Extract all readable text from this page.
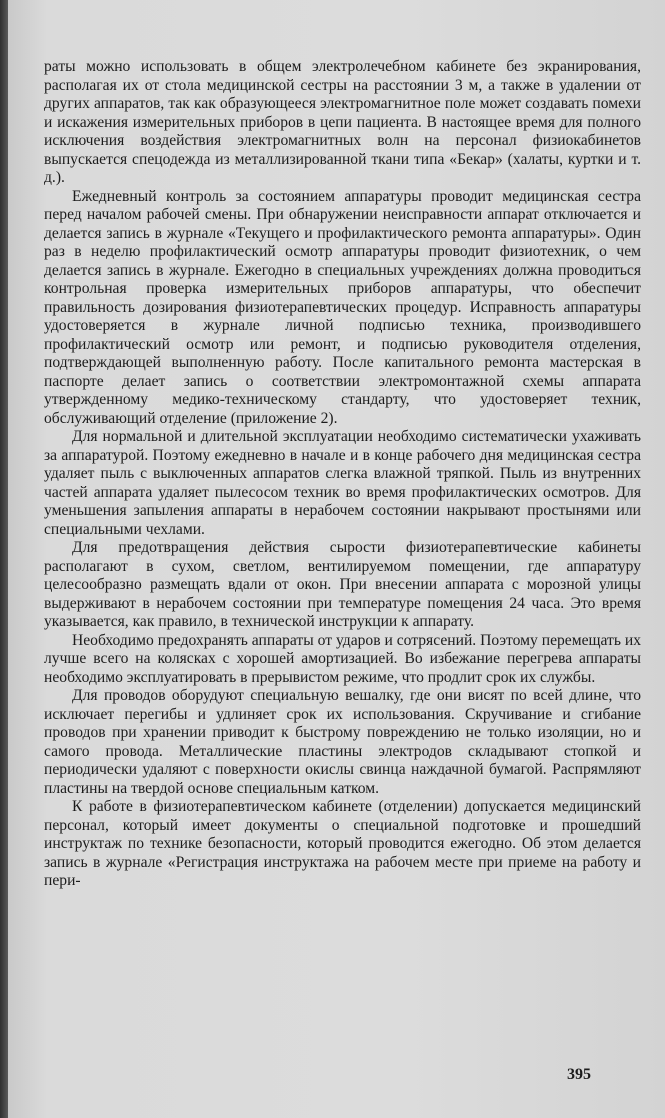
раты можно использовать в общем электролечебном кабинете без экранирования, располагая их от стола медицинской сестры на расстоянии 3 м, а также в удалении от других аппаратов, так как образующееся электромагнитное поле может создавать помехи и искажения измерительных приборов в цепи пациента. В настоящее время для полного исключения воздействия электромагнитных волн на персонал физиокабинетов выпускается спецодежда из металлизированной ткани типа «Бекар» (халаты, куртки и т. д.).

Ежедневный контроль за состоянием аппаратуры проводит медицинская сестра перед началом рабочей смены. При обнаружении неисправности аппарат отключается и делается запись в журнале «Текущего и профилактического ремонта аппаратуры». Один раз в неделю профилактический осмотр аппаратуры проводит физиотехник, о чем делается запись в журнале. Ежегодно в специальных учреждениях должна проводиться контрольная проверка измерительных приборов аппаратуры, что обеспечит правильность дозирования физиотерапевтических процедур. Исправность аппаратуры удостоверяется в журнале личной подписью техника, производившего профилактический осмотр или ремонт, и подписью руководителя отделения, подтверждающей выполненную работу. После капитального ремонта мастерская в паспорте делает запись о соответствии электромонтажной схемы аппарата утвержденному медико-техническому стандарту, что удостоверяет техник, обслуживающий отделение (приложение 2).

Для нормальной и длительной эксплуатации необходимо систематически ухаживать за аппаратурой. Поэтому ежедневно в начале и в конце рабочего дня медицинская сестра удаляет пыль с выключенных аппаратов слегка влажной тряпкой. Пыль из внутренних частей аппарата удаляет пылесосом техник во время профилактических осмотров. Для уменьшения запыления аппараты в нерабочем состоянии накрывают простынями или специальными чехлами.

Для предотвращения действия сырости физиотерапевтические кабинеты располагают в сухом, светлом, вентилируемом помещении, где аппаратуру целесообразно размещать вдали от окон. При внесении аппарата с морозной улицы выдерживают в нерабочем состоянии при температуре помещения 24 часа. Это время указывается, как правило, в технической инструкции к аппарату.

Необходимо предохранять аппараты от ударов и сотрясений. Поэтому перемещать их лучше всего на колясках с хорошей амортизацией. Во избежание перегрева аппараты необходимо эксплуатировать в прерывистом режиме, что продлит срок их службы.

Для проводов оборудуют специальную вешалку, где они висят по всей длине, что исключает перегибы и удлиняет срок их использования. Скручивание и сгибание проводов при хранении приводит к быстрому повреждению не только изоляции, но и самого провода. Металлические пластины электродов складывают стопкой и периодически удаляют с поверхности окислы свинца наждачной бумагой. Распрямляют пластины на твердой основе специальным катком.

К работе в физиотерапевтическом кабинете (отделении) допускается медицинский персонал, который имеет документы о специальной подготовке и прошедший инструктаж по технике безопасности, который проводится ежегодно. Об этом делается запись в журнале «Регистрация инструктажа на рабочем месте при приеме на работу и пери-

395
